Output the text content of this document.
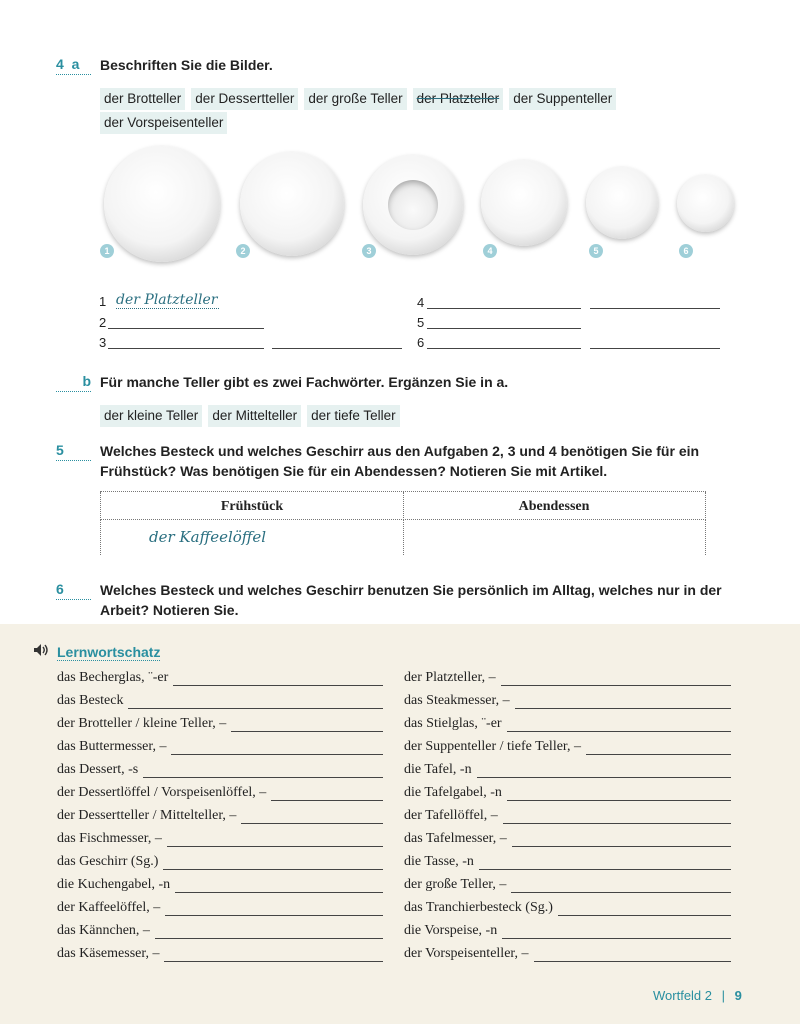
4 a	Beschriften Sie die Bilder.
der Brotteller der Dessertteller der große Teller der Platzteller der Suppenteller
der Vorspeisenteller
1	2	3	4	5	6
1 der Platzteller
2
3
4
5
6
b Für manche Teller gibt es zwei Fachwörter. Ergänzen Sie in a.
der kleine Teller der Mittelteller der tiefe Teller
5	Welches Besteck und welches Geschirr aus den Aufgaben 2, 3 und 4 benötigen Sie für ein
Frühstück? Was benötigen Sie für ein Abendessen? Notieren Sie mit Artikel.
Frühstück	Abendessen
der Kaffeelöffel
6	Welches Besteck und welches Geschirr benutzen Sie persönlich im Alltag, welches nur in der
Arbeit? Notieren Sie.
Lernwortschatz
das Becherglas, ¨-er
das Besteck
der Brotteller / kleine Teller, –
das Buttermesser, –
das Dessert, -s
der Dessertlöffel / Vorspeisenlöffel, –
der Dessertteller / Mittelteller, –
das Fischmesser, –
das Geschirr (Sg.)
die Kuchengabel, -n
der Kaffeelöffel, –
das Kännchen, –
das Käsemesser, –
der Platzteller, –
das Steakmesser, –
das Stielglas, ¨-er
der Suppenteller / tiefe Teller, –
die Tafel, -n
die Tafelgabel, -n
der Tafellöffel, –
das Tafelmesser, –
die Tasse, -n
der große Teller, –
das Tranchierbesteck (Sg.)
die Vorspeise, -n
der Vorspeisenteller, –
Wortfeld 2 | 9
